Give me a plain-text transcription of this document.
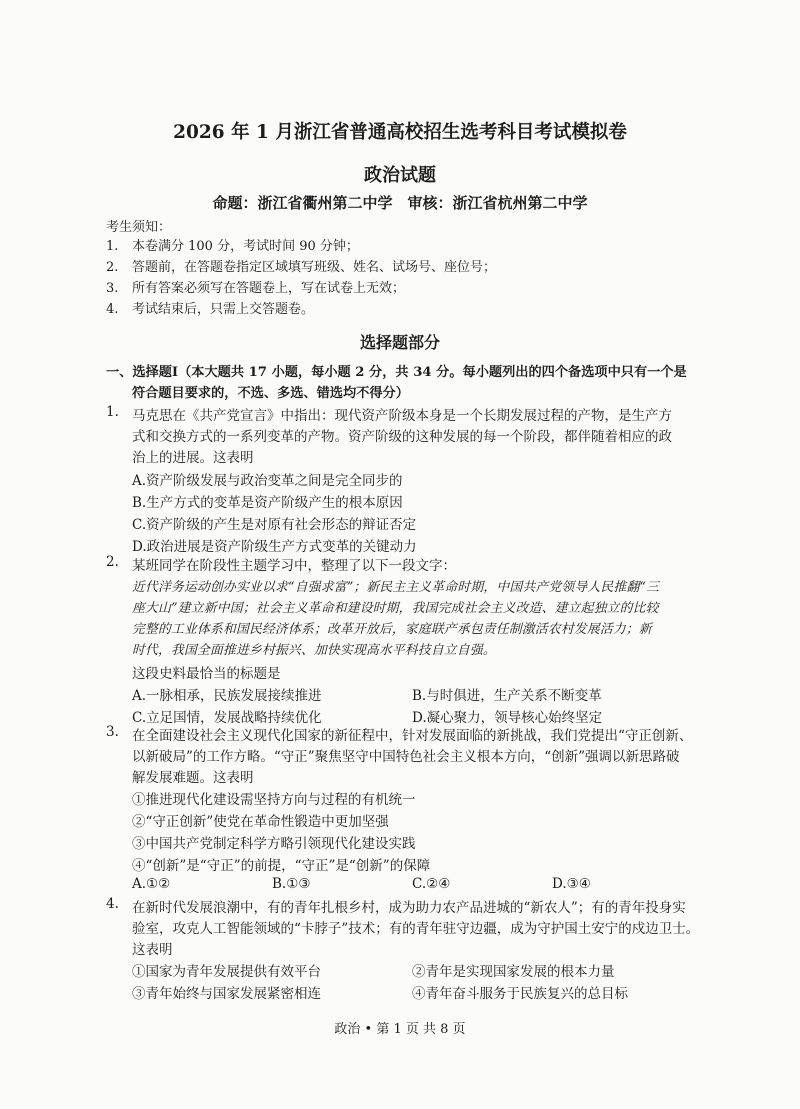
2026 年 1 月浙江省普通高校招生选考科目考试模拟卷
政治试题
命题：浙江省衢州第二中学　审核：浙江省杭州第二中学
考生须知：
1. 本卷满分 100 分，考试时间 90 分钟；
2. 答题前，在答题卷指定区域填写班级、姓名、试场号、座位号；
3. 所有答案必须写在答题卷上，写在试卷上无效；
4. 考试结束后，只需上交答题卷。
选择题部分
一、选择题Ⅰ（本大题共 17 小题，每小题 2 分，共 34 分。每小题列出的四个备选项中只有一个是
符合题目要求的，不选、多选、错选均不得分）
1. 马克思在《共产党宣言》中指出：现代资产阶级本身是一个长期发展过程的产物，是生产方
式和交换方式的一系列变革的产物。资产阶级的这种发展的每一个阶段，都伴随着相应的政
治上的进展。这表明
A.资产阶级发展与政治变革之间是完全同步的
B.生产方式的变革是资产阶级产生的根本原因
C.资产阶级的产生是对原有社会形态的辩证否定
D.政治进展是资产阶级生产方式变革的关键动力
2. 某班同学在阶段性主题学习中，整理了以下一段文字：
近代洋务运动创办实业以求“自强求富”；新民主主义革命时期，中国共产党领导人民推翻“三
座大山”建立新中国；社会主义革命和建设时期，我国完成社会主义改造、建立起独立的比较
完整的工业体系和国民经济体系；改革开放后，家庭联产承包责任制激活农村发展活力；新
时代，我国全面推进乡村振兴、加快实现高水平科技自立自强。
这段史料最恰当的标题是
A.一脉相承，民族发展接续推进	B.与时俱进，生产关系不断变革
C.立足国情，发展战略持续优化	D.凝心聚力，领导核心始终坚定
3. 在全面建设社会主义现代化国家的新征程中，针对发展面临的新挑战，我们党提出“守正创新、
以新破局”的工作方略。“守正”聚焦坚守中国特色社会主义根本方向，“创新”强调以新思路破
解发展难题。这表明
①推进现代化建设需坚持方向与过程的有机统一
②“守正创新”使党在革命性锻造中更加坚强
③中国共产党制定科学方略引领现代化建设实践
④“创新”是“守正”的前提，“守正”是“创新”的保障
A.①②	B.①③	C.②④	D.③④
4. 在新时代发展浪潮中，有的青年扎根乡村，成为助力农产品进城的“新农人”；有的青年投身实
验室，攻克人工智能领域的“卡脖子”技术；有的青年驻守边疆，成为守护国土安宁的戍边卫士。
这表明
①国家为青年发展提供有效平台	②青年是实现国家发展的根本力量
③青年始终与国家发展紧密相连	④青年奋斗服务于民族复兴的总目标
政治 • 第 1 页 共 8 页
